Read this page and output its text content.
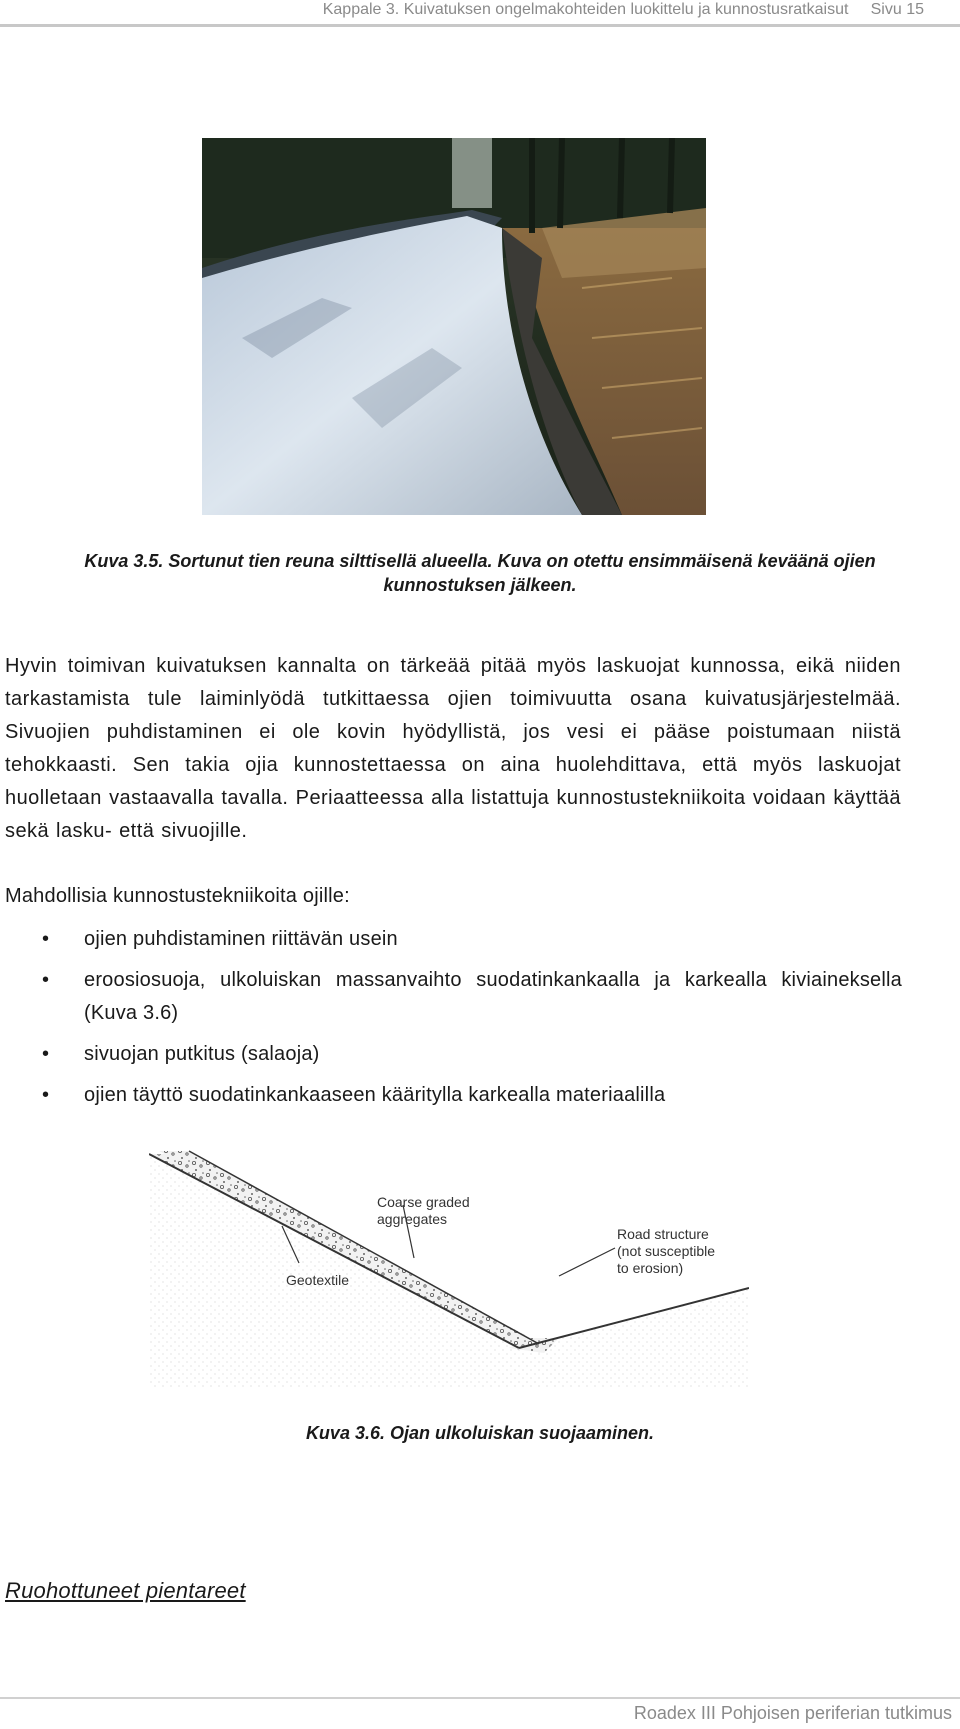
Kappale 3. Kuivatuksen ongelmakohteiden luokittelu ja kunnostusratkaisut     Sivu 15
Kuva 3.5. Sortunut tien reuna silttisellä alueella. Kuva on otettu ensimmäisenä keväänä ojien
kunnostuksen jälkeen.

Hyvin toimivan kuivatuksen kannalta on tärkeää pitää myös laskuojat kunnossa, eikä niiden tarkastamista tule laiminlyödä tutkittaessa ojien toimivuutta osana kuivatusjärjestelmää. Sivuojien puhdistaminen ei ole kovin hyödyllistä, jos vesi ei pääse poistumaan niistä tehokkaasti. Sen takia ojia kunnostettaessa on aina huolehdittava, että myös laskuojat huolletaan vastaavalla tavalla. Periaatteessa alla listattuja kunnostustekniikoita voidaan käyttää sekä lasku- että sivuojille.

Mahdollisia kunnostustekniikoita ojille:
• ojien puhdistaminen riittävän usein
• eroosiosuoja, ulkoluiskan massanvaihto suodatinkankaalla ja karkealla kiviaineksella (Kuva 3.6)
• sivuojan putkitus (salaoja)
• ojien täyttö suodatinkankaaseen kääritylla karkealla materiaalilla
Coarse graded
aggregates
Geotextile
Road structure
(not susceptible
to erosion)
Kuva 3.6. Ojan ulkoluiskan suojaaminen.
Ruohottuneet pientareet
Roadex III Pohjoisen periferian tutkimus
